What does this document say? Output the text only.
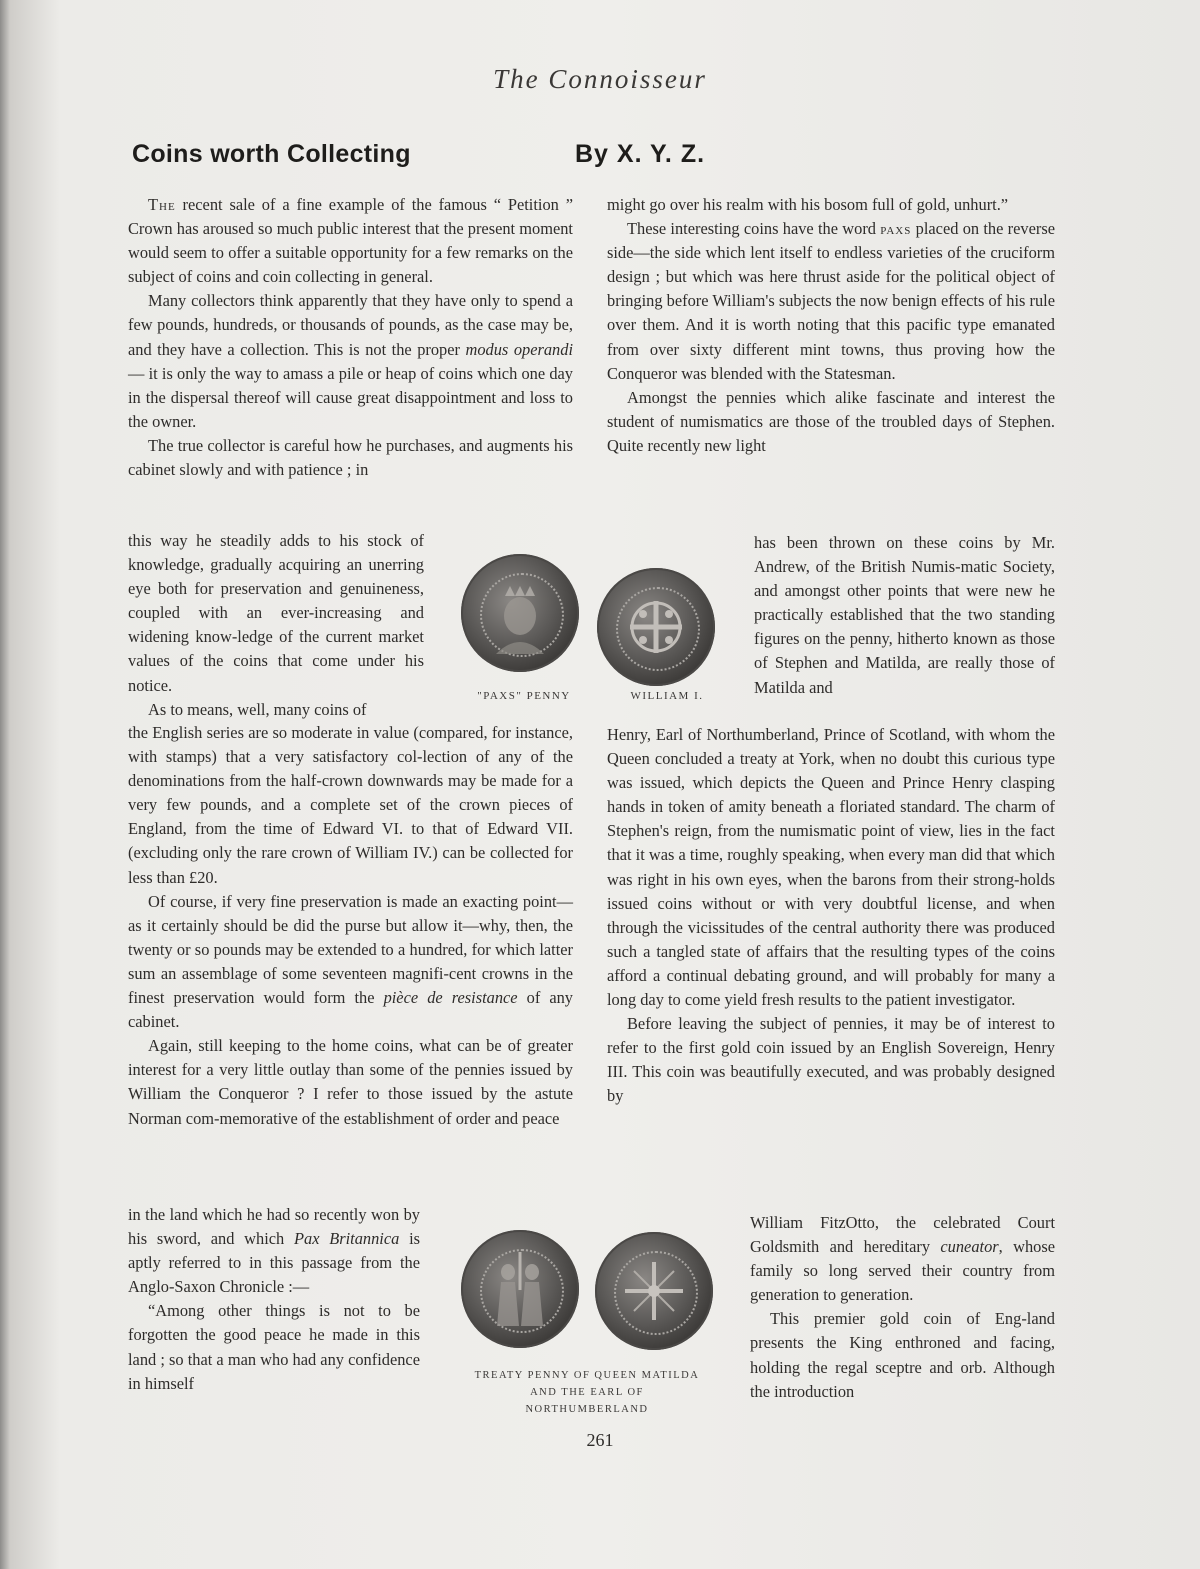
The Connoisseur
Coins worth Collecting	By X. Y. Z.

The recent sale of a fine example of the famous “ Petition ” Crown has aroused so much public interest that the present moment would seem to offer a suitable opportunity for a few remarks on the subject of coins and coin collecting in general.

Many collectors think apparently that they have only to spend a few pounds, hundreds, or thousands of pounds, as the case may be, and they have a collection. This is not the proper modus operandi— it is only the way to amass a pile or heap of coins which one day in the dispersal thereof will cause great disappointment and loss to the owner.

The true collector is careful how he purchases, and augments his cabinet slowly and with patience ; in

this way he steadily adds to his stock of knowledge, gradually acquiring an unerring eye both for preservation and genuineness, coupled with an ever-increasing and widening know-ledge of the current market values of the coins that come under his notice.

As to means, well, many coins of

the English series are so moderate in value (compared, for instance, with stamps) that a very satisfactory col-lection of any of the denominations from the half-crown downwards may be made for a very few pounds, and a complete set of the crown pieces of England, from the time of Edward VI. to that of Edward VII. (excluding only the rare crown of William IV.) can be collected for less than £20.

Of course, if very fine preservation is made an exacting point—as it certainly should be did the purse but allow it—why, then, the twenty or so pounds may be extended to a hundred, for which latter sum an assemblage of some seventeen magnifi-cent crowns in the finest preservation would form the pièce de resistance of any cabinet.

Again, still keeping to the home coins, what can be of greater interest for a very little outlay than some of the pennies issued by William the Conqueror ? I refer to those issued by the astute Norman com-memorative of the establishment of order and peace

in the land which he had so recently won by his sword, and which Pax Britannica is aptly referred to in this passage from the Anglo-Saxon Chronicle :—

“Among other things is not to be forgotten the good peace he made in this land ; so that a man who had any confidence in himself

might go over his realm with his bosom full of gold, unhurt.”

These interesting coins have the word paxs placed on the reverse side—the side which lent itself to endless varieties of the cruciform design ; but which was here thrust aside for the political object of bringing before William's subjects the now benign effects of his rule over them. And it is worth noting that this pacific type emanated from over sixty different mint towns, thus proving how the Conqueror was blended with the Statesman.

Amongst the pennies which alike fascinate and interest the student of numismatics are those of the troubled days of Stephen. Quite recently new light

has been thrown on these coins by Mr. Andrew, of the British Numis-matic Society, and amongst other points that were new he practically established that the two standing figures on the penny, hitherto known as those of Stephen and Matilda, are really those of Matilda and

Henry, Earl of Northumberland, Prince of Scotland, with whom the Queen concluded a treaty at York, when no doubt this curious type was issued, which depicts the Queen and Prince Henry clasping hands in token of amity beneath a floriated standard. The charm of Stephen's reign, from the numismatic point of view, lies in the fact that it was a time, roughly speaking, when every man did that which was right in his own eyes, when the barons from their strong-holds issued coins without or with very doubtful license, and when through the vicissitudes of the central authority there was produced such a tangled state of affairs that the resulting types of the coins afford a continual debating ground, and will probably for many a long day to come yield fresh results to the patient investigator.

Before leaving the subject of pennies, it may be of interest to refer to the first gold coin issued by an English Sovereign, Henry III. This coin was beautifully executed, and was probably designed by

William FitzOtto, the celebrated Court Goldsmith and hereditary cuneator, whose family so long served their country from generation to generation.

This premier gold coin of Eng-land presents the King enthroned and facing, holding the regal sceptre and orb. Although the introduction

"PAXS" PENNY	WILLIAM I.
TREATY PENNY OF QUEEN MATILDA AND THE EARL OF NORTHUMBERLAND
261
